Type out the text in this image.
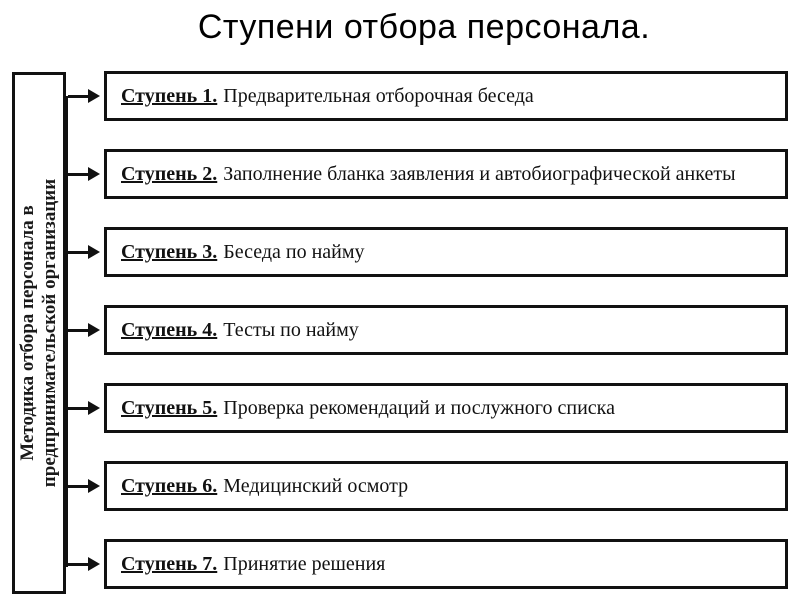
Ступени отбора персонала.
Методика отбора персонала в предпринимательской организации
Ступень 1. Предварительная отборочная беседа
Ступень 2. Заполнение бланка заявления и автобиографической анкеты
Ступень 3. Беседа по найму
Ступень 4. Тесты по найму
Ступень 5. Проверка рекомендаций и послужного списка
Ступень 6. Медицинский осмотр
Ступень 7. Принятие решения
